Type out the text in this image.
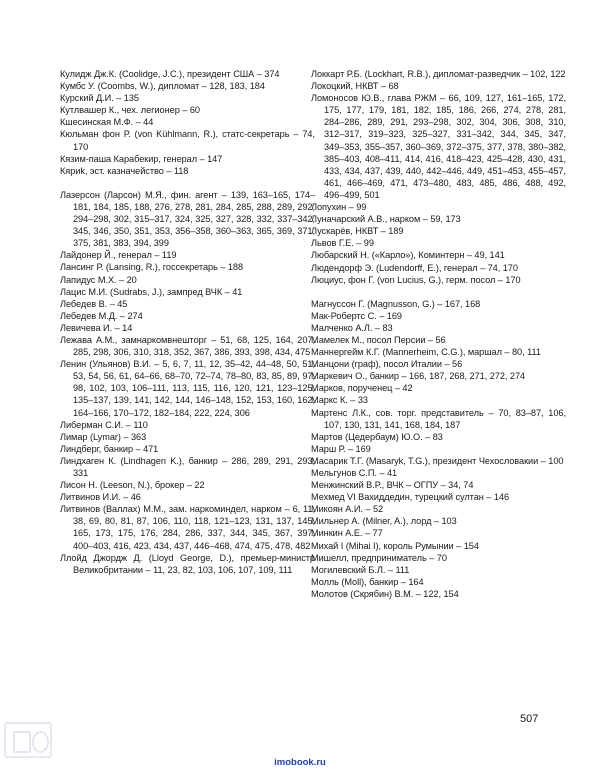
Кулидж Дж.К. (Coolidge, J.C.), президент США – 374

Кумбс У. (Coombs, W.), дипломат – 128, 183, 184

Курский Д.И. – 135

Кутлвашер К., чех. легионер – 60

Кшесинская М.Ф. – 44

Кюльман фон Р. (von Kühlmann, R.), статс-секретарь – 74, 170

Кязим-паша Карабекир, генерал – 147

Кяриk, эст. казначейство – 118

Лазерсон (Ларсон) М.Я., фин. агент – 139, 163–165, 174–181, 184, 185, 188, 276, 278, 281, 284, 285, 288, 289, 292, 294–298, 302, 315–317, 324, 325, 327, 328, 332, 337–342, 345, 346, 350, 351, 353, 356–358, 360–363, 365, 369, 371, 375, 381, 383, 394, 399

Лайдонер Й., генерал – 119

Лансинг Р. (Lansing, R.), госсекретарь – 188

Лапидус М.Х. – 20

Лацис М.И. (Sudrabs, J.), зампред ВЧК – 41

Лебедев В. – 45

Лебедев М.Д. – 274

Левичева И. – 14

Лежава А.М., замнаркомвнешторг – 51, 68, 125, 164, 207, 285, 298, 306, 310, 318, 352, 367, 386, 393, 398, 434, 475

Ленин (Ульянов) В.И. – 5, 6, 7, 11, 12, 35–42, 44–48, 50, 51, 53, 54, 56, 61, 64–66, 68–70, 72–74, 78–80, 83, 85, 89, 97, 98, 102, 103, 106–111, 113, 115, 116, 120, 121, 123–125, 135–137, 139, 141, 142, 144, 146–148, 152, 153, 160, 162, 164–166, 170–172, 182–184, 222, 224, 306

Либерман С.И. – 110

Лимар (Lymar) – 363

Линдберг, банкир – 471

Линдхаген К. (Lindhagen K.), банкир – 286, 289, 291, 293, 331

Лисон Н. (Leeson, N.), брокер – 22

Литвинов И.И. – 46

Литвинов (Валлах) М.М., зам. наркоминдел, нарком – 6, 11, 38, 69, 80, 81, 87, 106, 110, 118, 121–123, 131, 137, 145, 165, 173, 175, 176, 284, 286, 337, 344, 345, 367, 397, 400–403, 416, 423, 434, 437, 446–468, 474, 475, 478, 482

Ллойд Джордж Д. (Lloyd George, D.), премьер-министр Великобритании – 11, 23, 82, 103, 106, 107, 109, 111

Локкарт Р.Б. (Lockhart, R.B.), дипломат-разведчик – 102, 122

Локоцкий, НКВТ – 68

Ломоносов Ю.В., глава РЖМ – 66, 109, 127, 161–165, 172, 175, 177, 179, 181, 182, 185, 186, 266, 274, 278, 281, 284–286, 289, 291, 293–298, 302, 304, 306, 308, 310, 312–317, 319–323, 325–327, 331–342, 344, 345, 347, 349–353, 355–357, 360–369, 372–375, 377, 378, 380–382, 385–403, 408–411, 414, 416, 418–423, 425–428, 430, 431, 433, 434, 437, 439, 440, 442–446, 449, 451–453, 455–457, 461, 466–469, 471, 473–480, 483, 485, 486, 488, 492, 496–499, 501

Лопухин – 99

Луначарский А.В., нарком – 59, 173

Лускарёв, НКВТ – 189

Львов Г.Е. – 99

Любарский Н. («Карло»), Коминтерн – 49, 141

Людендорф Э. (Ludendorff, E.), генерал – 74, 170

Люциус, фон Г. (von Lucius, G.), герм. посол – 170

Магнуссон Г. (Magnusson, G.) – 167, 168

Мак-Робертс С. – 169

Малченко А.Л. – 83

Мамелек М., посол Персии – 56

Маннергейм К.Г. (Mannerheim, C.G.), маршал – 80, 111

Манцони (граф), посол Италии – 56

Маркевич О., банкир – 166, 187, 268, 271, 272, 274

Марков, порученец – 42

Маркс К. – 33

Мартенс Л.К., сов. торг. представитель – 70, 83–87, 106, 107, 130, 131, 141, 168, 184, 187

Мартов (Цедербаум) Ю.О. – 83

Марш Р. – 169

Масарик Т.Г. (Masaryk, T.G.), президент Чехословакии – 100

Мельгунов С.П. – 41

Менжинский В.Р., ВЧК – ОГПУ – 34, 74

Мехмед VI Вахиддедин, турецкий султан – 146

Микоян А.И. – 52

Мильнер А. (Milner, A.), лорд – 103

Минкин А.Е. – 77

Михай I (Mihai I), король Румынии – 154

Мишелл, предприниматель – 70

Могилевский Б.Л. – 111

Молль (Moll), банкир – 164

Молотов (Скрябин) В.М. – 122, 154

507
imobook.ru
